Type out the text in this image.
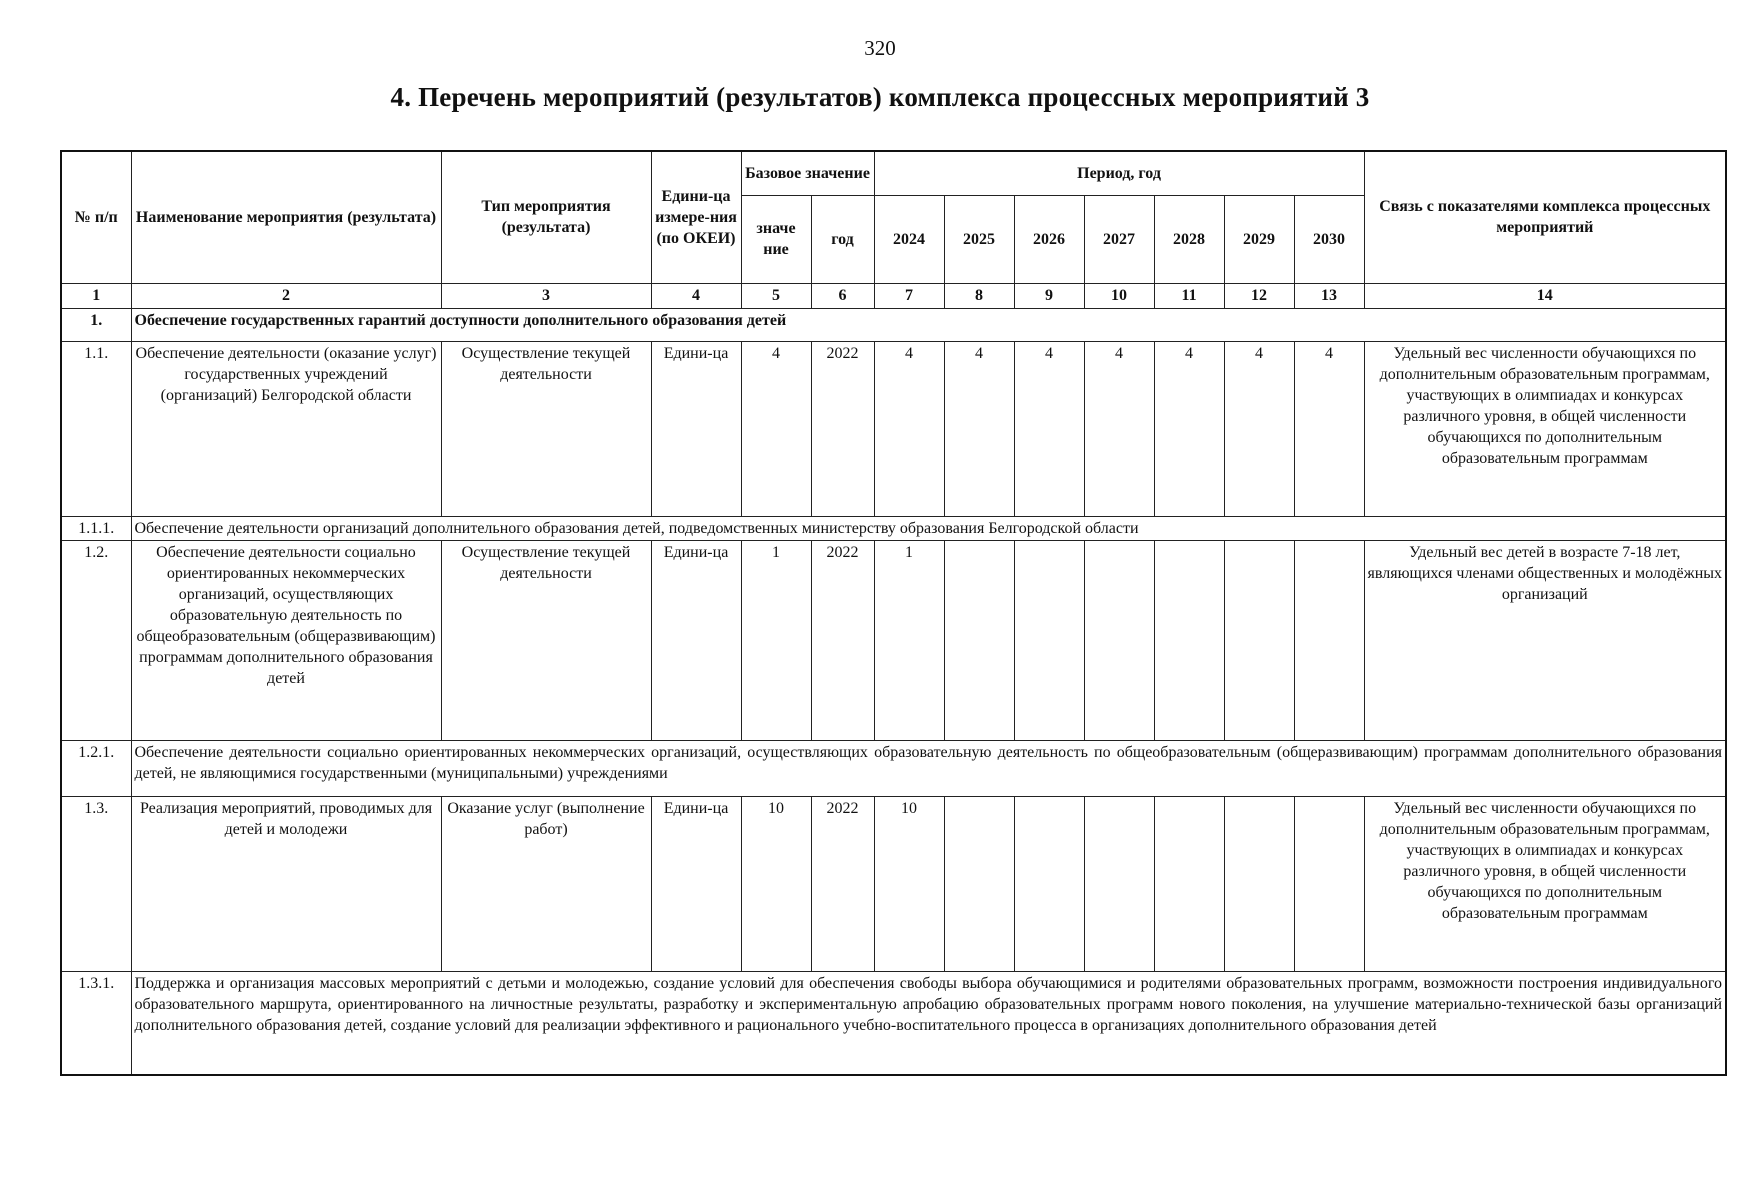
320
4. Перечень мероприятий (результатов) комплекса процессных мероприятий 3
№ п/п	Наименование мероприятия (результата)	Тип мероприятия (результата)	Едини-ца измере-ния (по ОКЕИ)	Базовое значение		Период, год							Связь с показателями комплекса процессных мероприятий
				значе ние	год	2024	2025	2026	2027	2028	2029	2030	
1	2	3	4	5	6	7	8	9	10	11	12	13	14
1.	Обеспечение государственных гарантий доступности дополнительного образования детей												
1.1.	Обеспечение деятельности (оказание услуг) государственных учреждений (организаций) Белгородской области	Осуществление текущей деятельности	Едини-ца	4	2022	4	4	4	4	4	4	4	Удельный вес численности обучающихся по дополнительным образовательным программам, участвующих в олимпиадах и конкурсах различного уровня, в общей численности обучающихся по дополнительным образовательным программам
1.1.1.	Обеспечение деятельности организаций дополнительного образования детей, подведомственных министерству образования Белгородской области												
1.2.	Обеспечение деятельности социально ориентированных некоммерческих организаций, осуществляющих образовательную деятельность по общеобразовательным (общеразвивающим) программам дополнительного образования детей	Осуществление текущей деятельности	Едини-ца	1	2022	1							Удельный вес детей в возрасте 7-18 лет, являющихся членами общественных и молодёжных организаций
1.2.1.	Обеспечение деятельности социально ориентированных некоммерческих организаций, осуществляющих образовательную деятельность по общеобразовательным (общеразвивающим) программам дополнительного образования детей, не являющимися государственными (муниципальными) учреждениями												
1.3.	Реализация мероприятий, проводимых для детей и молодежи	Оказание услуг (выполнение работ)	Едини-ца	10	2022	10							Удельный вес численности обучающихся по дополнительным образовательным программам, участвующих в олимпиадах и конкурсах различного уровня, в общей численности обучающихся по дополнительным образовательным программам
1.3.1.	Поддержка и организация массовых мероприятий с детьми и молодежью, создание условий для обеспечения свободы выбора обучающимися и родителями образовательных программ, возможности построения индивидуального образовательного маршрута, ориентированного на личностные результаты, разработку и экспериментальную апробацию образовательных программ нового поколения, на улучшение материально-технической базы организаций дополнительного образования детей, создание условий для реализации эффективного и рационального учебно-воспитательного процесса в организациях дополнительного образования детей												
